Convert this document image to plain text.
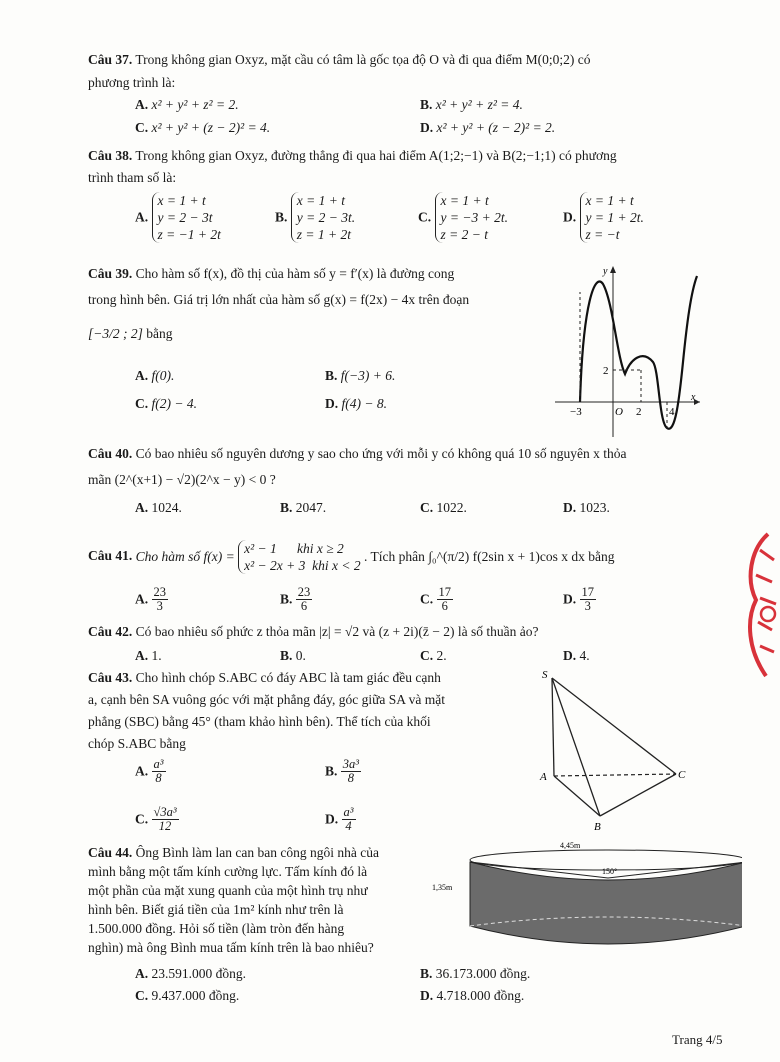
Câu 37. Trong không gian Oxyz, mặt cầu có tâm là gốc tọa độ O và đi qua điểm M(0;0;2) có
phương trình là:
A. x² + y² + z² = 2.	B. x² + y² + z² = 4.
C. x² + y² + (z − 2)² = 4.	D. x² + y² + (z − 2)² = 2.
Câu 38. Trong không gian Oxyz, đường thẳng đi qua hai điểm A(1;2;−1) và B(2;−1;1) có phương
trình tham số là:
A. x = 1 + t
y = 2 − 3t
z = −1 + 2t
B. x = 1 + t
y = 2 − 3t.
z = 1 + 2t
C. x = 1 + t
y = −3 + 2t.
z = 2 − t
D. x = 1 + t
y = 1 + 2t.
z = −t
Câu 39. Cho hàm số f(x), đồ thị của hàm số y = f′(x) là đường cong
trong hình bên. Giá trị lớn nhất của hàm số g(x) = f(2x) − 4x trên đoạn
[−3/2 ; 2] bằng
A. f(0).	B. f(−3) + 6.
C. f(2) − 4.	D. f(4) − 8.
y
x
−3	O 2	4
2
Câu 40. Có bao nhiêu số nguyên dương y sao cho ứng với mỗi y có không quá 10 số nguyên x thỏa
mãn (2^(x+1) − √2)(2^x − y) < 0 ?
A. 1024.	B. 2047.	C. 1022.	D. 1023.
Câu 41. Cho hàm số f(x) = x² − 1      khi x ≥ 2
x² − 2x + 3  khi x < 2 . Tích phân ∫₀^(π/2) f(2sin x + 1)cos x dx bằng
A. $\frac{23}{3}$	B. $\frac{23}{6}$	C. $\frac{17}{6}$	D. $\frac{17}{3}$
Câu 42. Có bao nhiêu số phức z thỏa mãn |z| = √2 và (z + 2i)(z̄ − 2) là số thuần ảo?
A. 1.	B. 0.	C. 2.	D. 4.
Câu 43. Cho hình chóp S.ABC có đáy ABC là tam giác đều cạnh
a, cạnh bên SA vuông góc với mặt phẳng đáy, góc giữa SA và mặt
phẳng (SBC) bằng 45° (tham khảo hình bên). Thể tích của khối
chóp S.ABC bằng
A. $\frac{\text{a³}}{8}$	B. $\frac{\text{3a³}}{8}$
C. $\frac{\text{√3a³}}{12}$	D. $\frac{\text{a³}}{4}$
S
A
B
C
Câu 44. Ông Bình làm lan can ban công ngôi nhà của
mình bằng một tấm kính cường lực. Tấm kính đó là
một phần của mặt xung quanh của một hình trụ như
hình bên. Biết giá tiền của 1m² kính như trên là
1.500.000 đồng. Hỏi số tiền (làm tròn đến hàng
nghìn) mà ông Bình mua tấm kính trên là bao nhiêu?
A. 23.591.000 đồng.	B. 36.173.000 đồng.
C. 9.437.000 đồng.	D. 4.718.000 đồng.
4,45m
1,35m
150°
Trang 4/5
